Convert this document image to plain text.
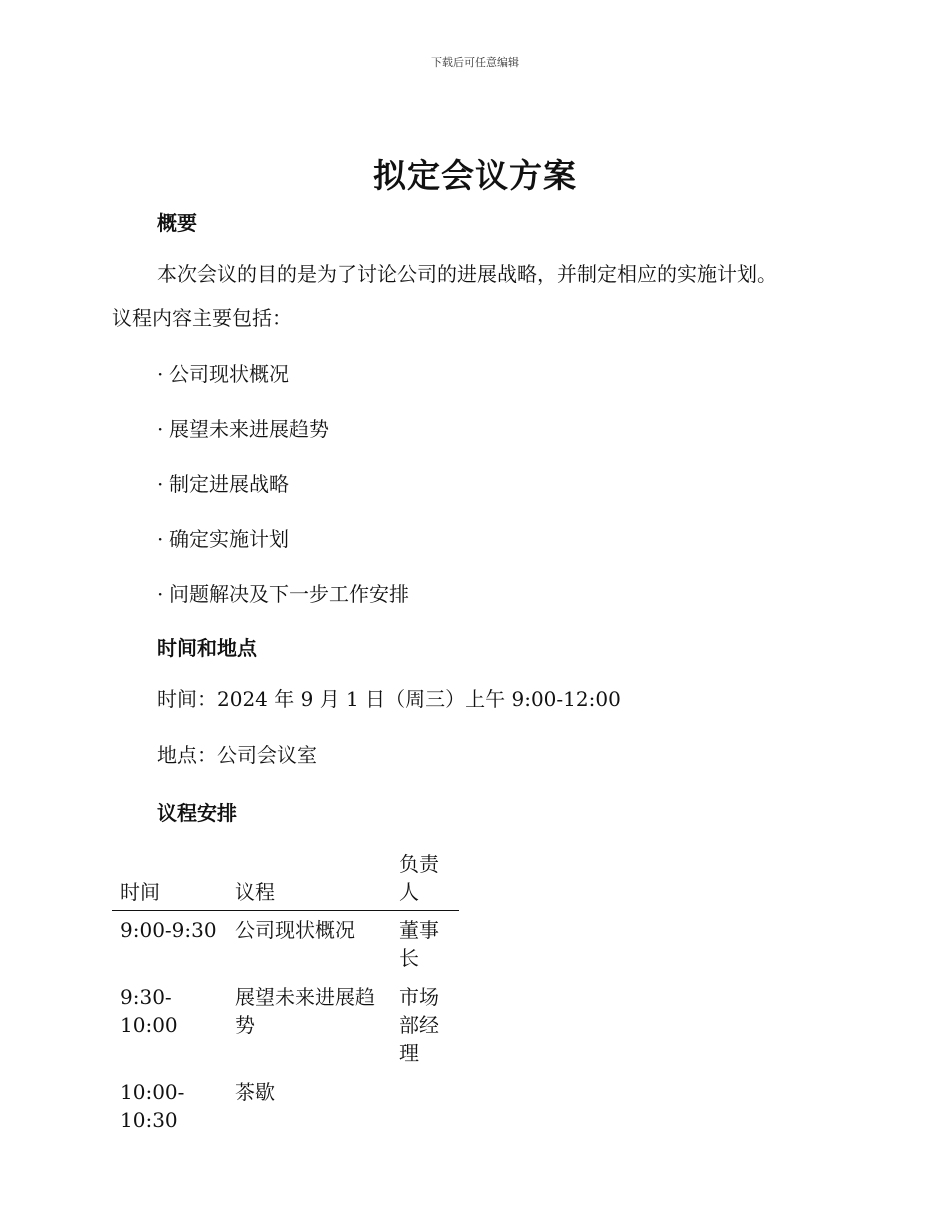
下载后可任意编辑
拟定会议方案
概要
本次会议的目的是为了讨论公司的进展战略，并制定相应的实施计划。
议程内容主要包括：
· 公司现状概况
· 展望未来进展趋势
· 制定进展战略
· 确定实施计划
· 问题解决及下一步工作安排
时间和地点
时间：2024 年 9 月 1 日（周三）上午 9:00-12:00
地点：公司会议室
议程安排
时间	议程	负责人
9:00-9:30	公司现状概况	董事长
9:30-10:00	展望未来进展趋势	市场部经理
10:00-10:30	茶歇	
